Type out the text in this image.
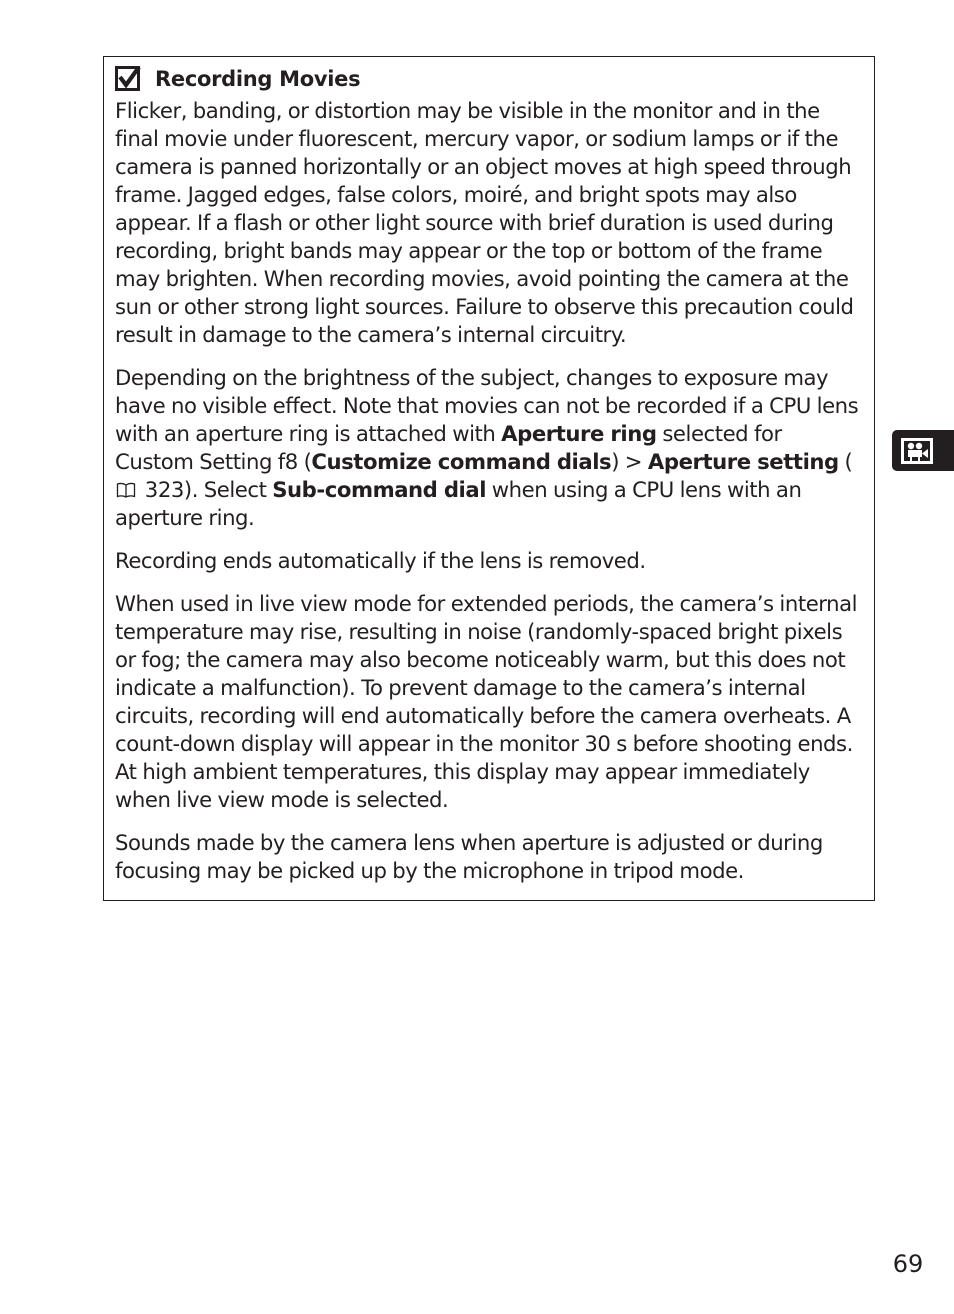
Recording Movies

Flicker, banding, or distortion may be visible in the monitor and in the final movie under fluorescent, mercury vapor, or sodium lamps or if the camera is panned horizontally or an object moves at high speed through frame. Jagged edges, false colors, moiré, and bright spots may also appear. If a flash or other light source with brief duration is used during recording, bright bands may appear or the top or bottom of the frame may brighten. When recording movies, avoid pointing the camera at the sun or other strong light sources. Failure to observe this precaution could result in damage to the camera’s internal circuitry.

Depending on the brightness of the subject, changes to exposure may have no visible effect. Note that movies can not be recorded if a CPU lens with an aperture ring is attached with Aperture ring selected for Custom Setting f8 (Customize command dials) > Aperture setting ( 323). Select Sub-command dial when using a CPU lens with an aperture ring.

Recording ends automatically if the lens is removed.

When used in live view mode for extended periods, the camera’s internal temperature may rise, resulting in noise (randomly-spaced bright pixels or fog; the camera may also become noticeably warm, but this does not indicate a malfunction). To prevent damage to the camera’s internal circuits, recording will end automatically before the camera overheats. A count-down display will appear in the monitor 30 s before shooting ends. At high ambient temperatures, this display may appear immediately when live view mode is selected.

Sounds made by the camera lens when aperture is adjusted or during focusing may be picked up by the microphone in tripod mode.

69
